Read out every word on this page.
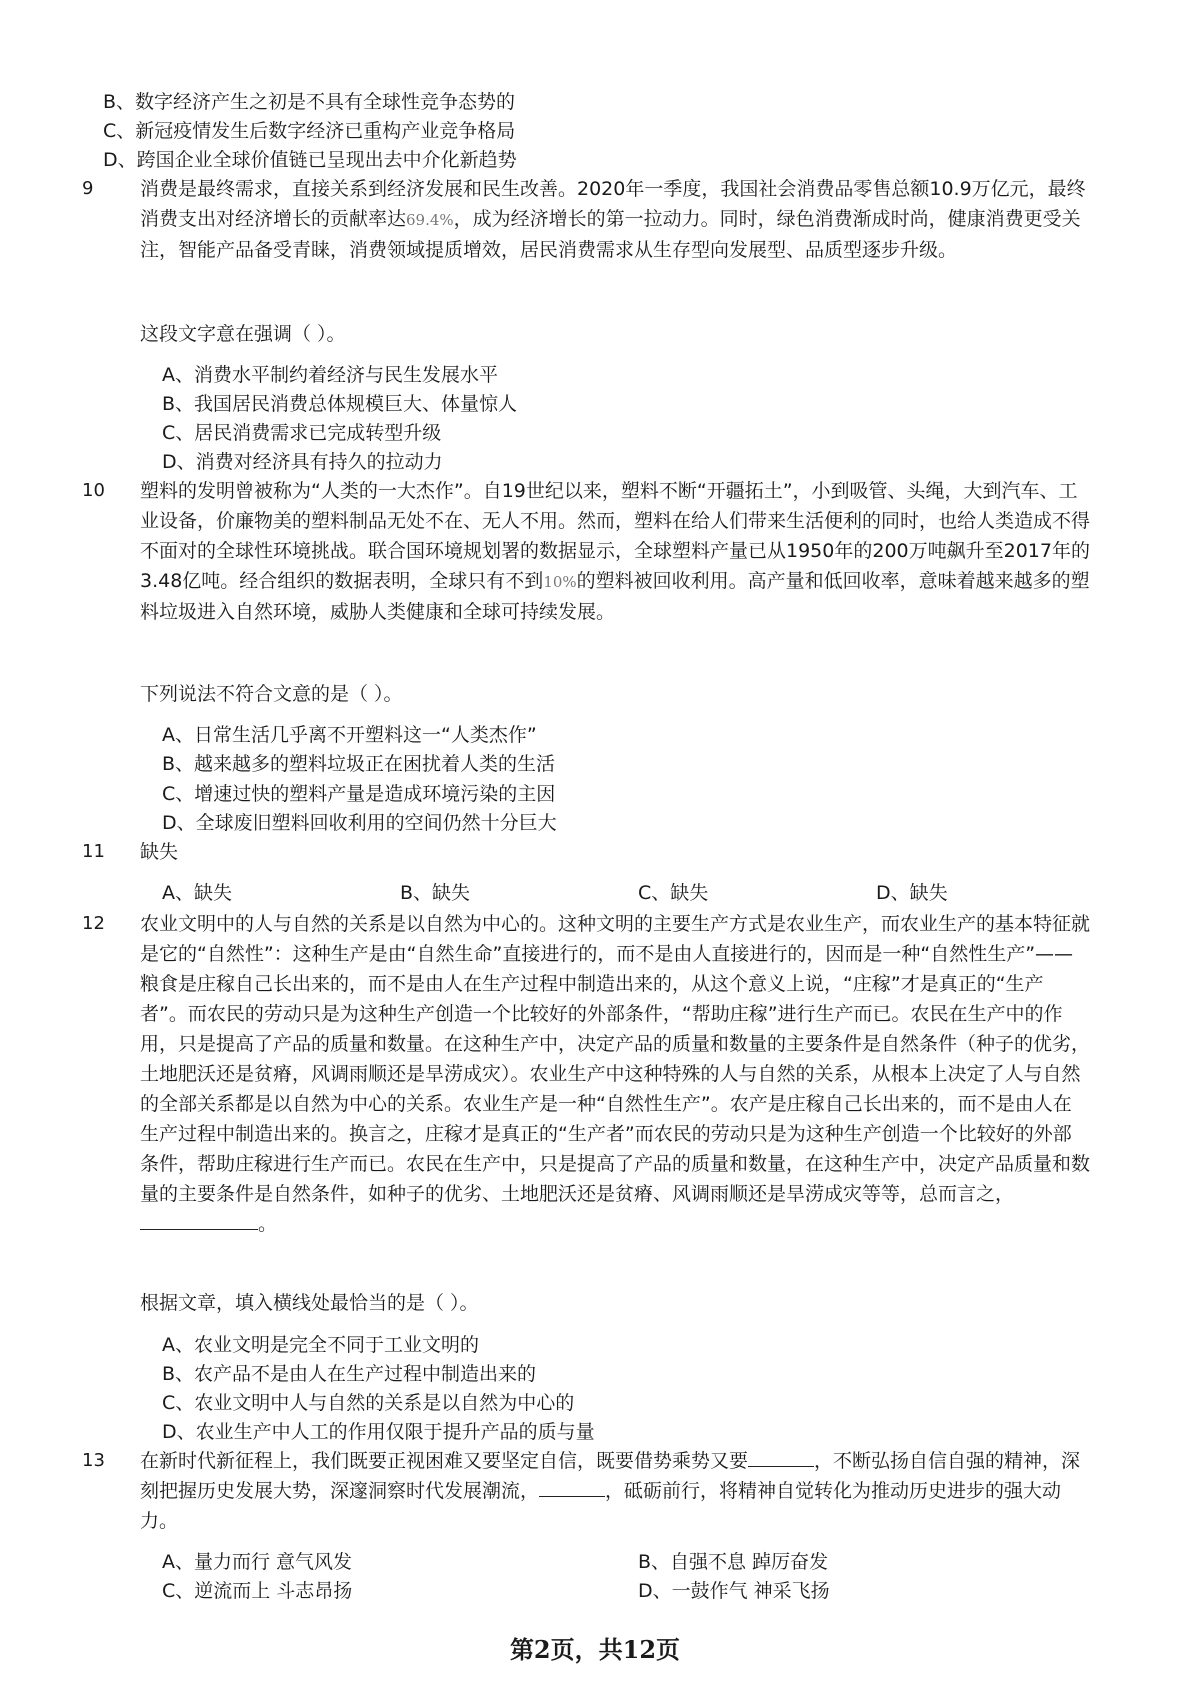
B、数字经济产生之初是不具有全球性竞争态势的
C、新冠疫情发生后数字经济已重构产业竞争格局
D、跨国企业全球价值链已呈现出去中介化新趋势
9 消费是最终需求，直接关系到经济发展和民生改善。2020年一季度，我国社会消费品零售总额10.9万亿元，最终消费支出对经济增长的贡献率达69.4%，成为经济增长的第一拉动力。同时，绿色消费渐成时尚，健康消费更受关注，智能产品备受青睐，消费领域提质增效，居民消费需求从生存型向发展型、品质型逐步升级。
这段文字意在强调（ ）。
A、消费水平制约着经济与民生发展水平
B、我国居民消费总体规模巨大、体量惊人
C、居民消费需求已完成转型升级
D、消费对经济具有持久的拉动力
10 塑料的发明曾被称为“人类的一大杰作”。自19世纪以来，塑料不断“开疆拓土”，小到吸管、头绳，大到汽车、工业设备，价廉物美的塑料制品无处不在、无人不用。然而，塑料在给人们带来生活便利的同时，也给人类造成不得不面对的全球性环境挑战。联合国环境规划署的数据显示，全球塑料产量已从1950年的200万吨飙升至2017年的3.48亿吨。经合组织的数据表明，全球只有不到10%的塑料被回收利用。高产量和低回收率，意味着越来越多的塑料垃圾进入自然环境，威胁人类健康和全球可持续发展。
下列说法不符合文意的是（ ）。
A、日常生活几乎离不开塑料这一“人类杰作”
B、越来越多的塑料垃圾正在困扰着人类的生活
C、增速过快的塑料产量是造成环境污染的主因
D、全球废旧塑料回收利用的空间仍然十分巨大
11 缺失
A、缺失	B、缺失	C、缺失	D、缺失
12 农业文明中的人与自然的关系是以自然为中心的。这种文明的主要生产方式是农业生产，而农业生产的基本特征就是它的“自然性”：这种生产是由“自然生命”直接进行的，而不是由人直接进行的，因而是一种“自然性生产”——粮食是庄稼自己长出来的，而不是由人在生产过程中制造出来的，从这个意义上说，“庄稼”才是真正的“生产者”。而农民的劳动只是为这种生产创造一个比较好的外部条件，“帮助庄稼”进行生产而已。农民在生产中的作用，只是提高了产品的质量和数量。在这种生产中，决定产品的质量和数量的主要条件是自然条件（种子的优劣，土地肥沃还是贫瘠，风调雨顺还是旱涝成灾）。农业生产中这种特殊的人与自然的关系，从根本上决定了人与自然的全部关系都是以自然为中心的关系。农业生产是一种“自然性生产”。农产是庄稼自己长出来的，而不是由人在生产过程中制造出来的。换言之，庄稼才是真正的“生产者”而农民的劳动只是为这种生产创造一个比较好的外部条件，帮助庄稼进行生产而已。农民在生产中，只是提高了产品的质量和数量，在这种生产中，决定产品质量和数量的主要条件是自然条件，如种子的优劣、土地肥沃还是贫瘠、风调雨顺还是旱涝成灾等等，总而言之，。
根据文章，填入横线处最恰当的是（ ）。
A、农业文明是完全不同于工业文明的
B、农产品不是由人在生产过程中制造出来的
C、农业文明中人与自然的关系是以自然为中心的
D、农业生产中人工的作用仅限于提升产品的质与量
13 在新时代新征程上，我们既要正视困难又要坚定自信，既要借势乘势又要	，不断弘扬自信自强的精神，深刻把握历史发展大势，深邃洞察时代发展潮流，	，砥砺前行，将精神自觉转化为推动历史进步的强大动力。
A、量力而行 意气风发	B、自强不息 踔厉奋发
C、逆流而上 斗志昂扬	D、一鼓作气 神采飞扬
第2页，共12页
